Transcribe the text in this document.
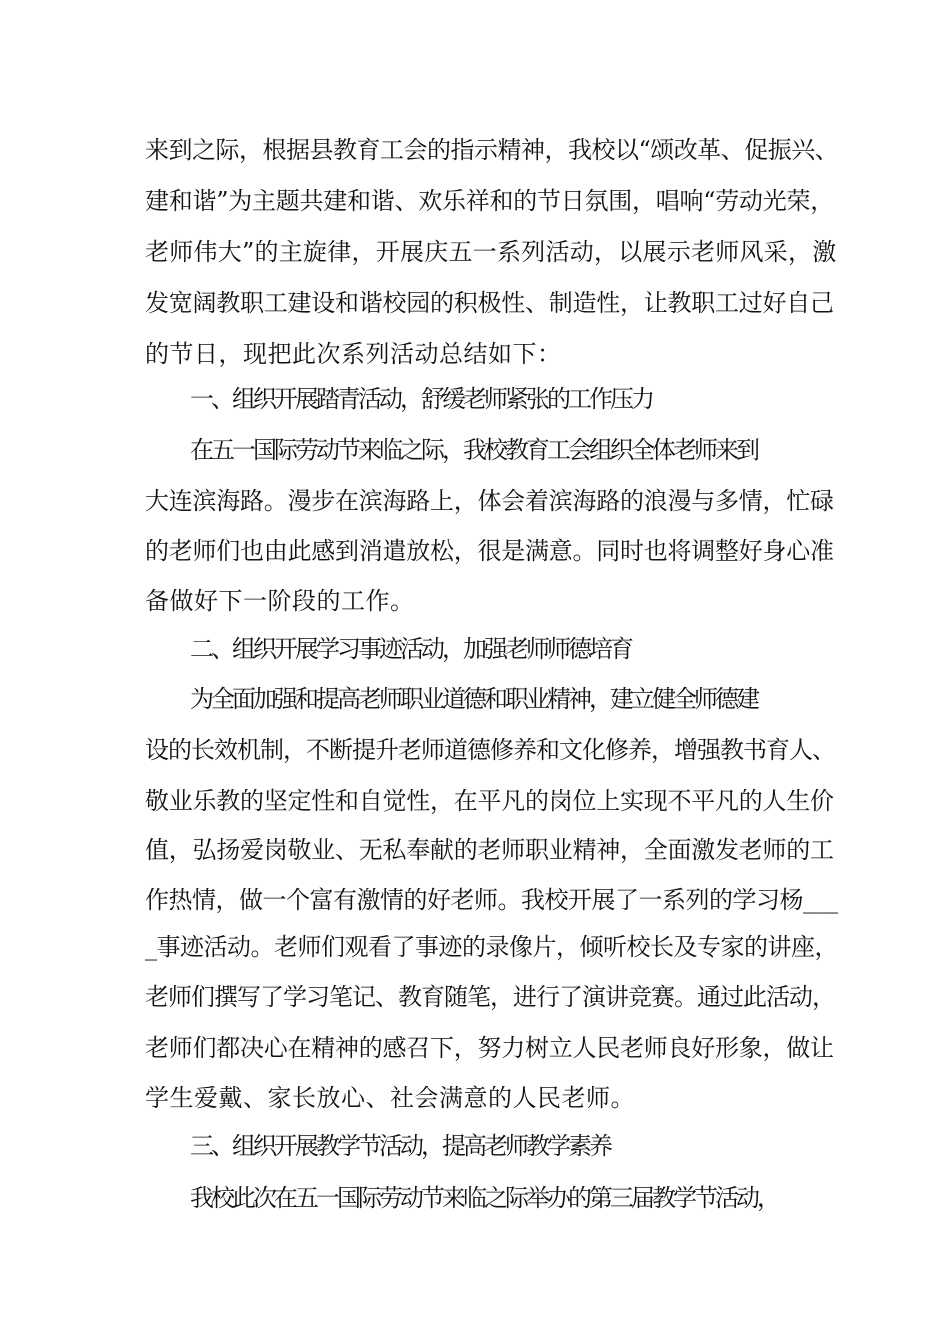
来到之际，根据县教育工会的指示精神，我校以“颂改革、促振兴、
建和谐”为主题共建和谐、欢乐祥和的节日氛围，唱响“劳动光荣，
老师伟大”的主旋律，开展庆五一系列活动，以展示老师风采，激
发宽阔教职工建设和谐校园的积极性、制造性，让教职工过好自己
的节日，现把此次系列活动总结如下：
一、组织开展踏青活动，舒缓老师紧张的工作压力
在五一国际劳动节来临之际，我校教育工会组织全体老师来到
大连滨海路。漫步在滨海路上，体会着滨海路的浪漫与多情，忙碌
的老师们也由此感到消遣放松，很是满意。同时也将调整好身心准
备做好下一阶段的工作。
二、组织开展学习事迹活动，加强老师师德培育
为全面加强和提高老师职业道德和职业精神，建立健全师德建
设的长效机制，不断提升老师道德修养和文化修养，增强教书育人、
敬业乐教的坚定性和自觉性，在平凡的岗位上实现不平凡的人生价
值，弘扬爱岗敬业、无私奉献的老师职业精神，全面激发老师的工
作热情，做一个富有激情的好老师。我校开展了一系列的学习杨___
_事迹活动。老师们观看了事迹的录像片，倾听校长及专家的讲座，
老师们撰写了学习笔记、教育随笔，进行了演讲竞赛。通过此活动，
老师们都决心在精神的感召下，努力树立人民老师良好形象，做让
学生爱戴、家长放心、社会满意的人民老师。
三、组织开展教学节活动，提高老师教学素养
我校此次在五一国际劳动节来临之际举办的第三届教学节活动，
